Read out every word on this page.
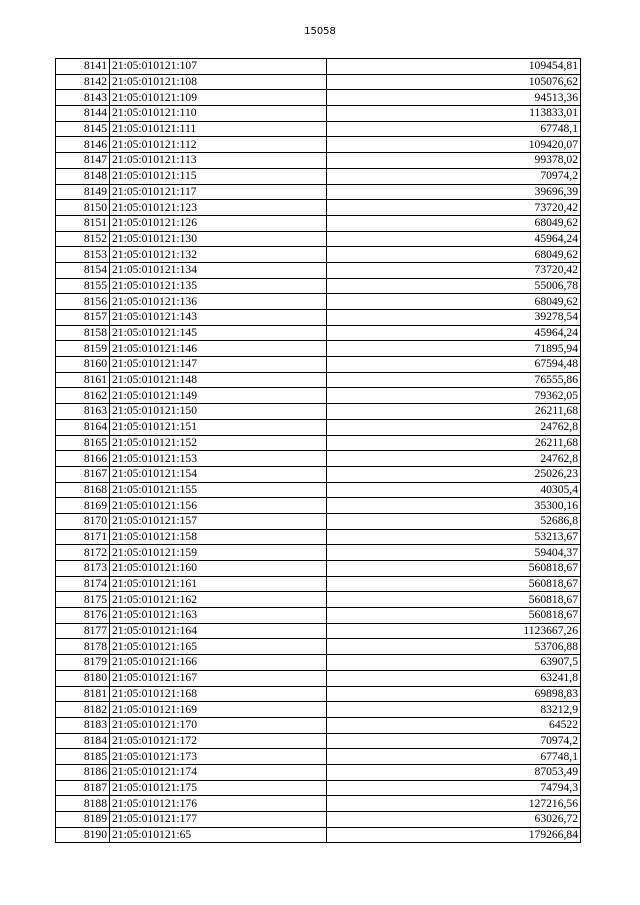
15058
8141	21:05:010121:107	109454,81
8142	21:05:010121:108	105076,62
8143	21:05:010121:109	94513,36
8144	21:05:010121:110	113833,01
8145	21:05:010121:111	67748,1
8146	21:05:010121:112	109420,07
8147	21:05:010121:113	99378,02
8148	21:05:010121:115	70974,2
8149	21:05:010121:117	39696,39
8150	21:05:010121:123	73720,42
8151	21:05:010121:126	68049,62
8152	21:05:010121:130	45964,24
8153	21:05:010121:132	68049,62
8154	21:05:010121:134	73720,42
8155	21:05:010121:135	55006,78
8156	21:05:010121:136	68049,62
8157	21:05:010121:143	39278,54
8158	21:05:010121:145	45964,24
8159	21:05:010121:146	71895,94
8160	21:05:010121:147	67594,48
8161	21:05:010121:148	76555,86
8162	21:05:010121:149	79362,05
8163	21:05:010121:150	26211,68
8164	21:05:010121:151	24762,8
8165	21:05:010121:152	26211,68
8166	21:05:010121:153	24762,8
8167	21:05:010121:154	25026,23
8168	21:05:010121:155	40305,4
8169	21:05:010121:156	35300,16
8170	21:05:010121:157	52686,8
8171	21:05:010121:158	53213,67
8172	21:05:010121:159	59404,37
8173	21:05:010121:160	560818,67
8174	21:05:010121:161	560818,67
8175	21:05:010121:162	560818,67
8176	21:05:010121:163	560818,67
8177	21:05:010121:164	1123667,26
8178	21:05:010121:165	53706,88
8179	21:05:010121:166	63907,5
8180	21:05:010121:167	63241,8
8181	21:05:010121:168	69898,83
8182	21:05:010121:169	83212,9
8183	21:05:010121:170	64522
8184	21:05:010121:172	70974,2
8185	21:05:010121:173	67748,1
8186	21:05:010121:174	87053,49
8187	21:05:010121:175	74794,3
8188	21:05:010121:176	127216,56
8189	21:05:010121:177	63026,72
8190	21:05:010121:65	179266,84
